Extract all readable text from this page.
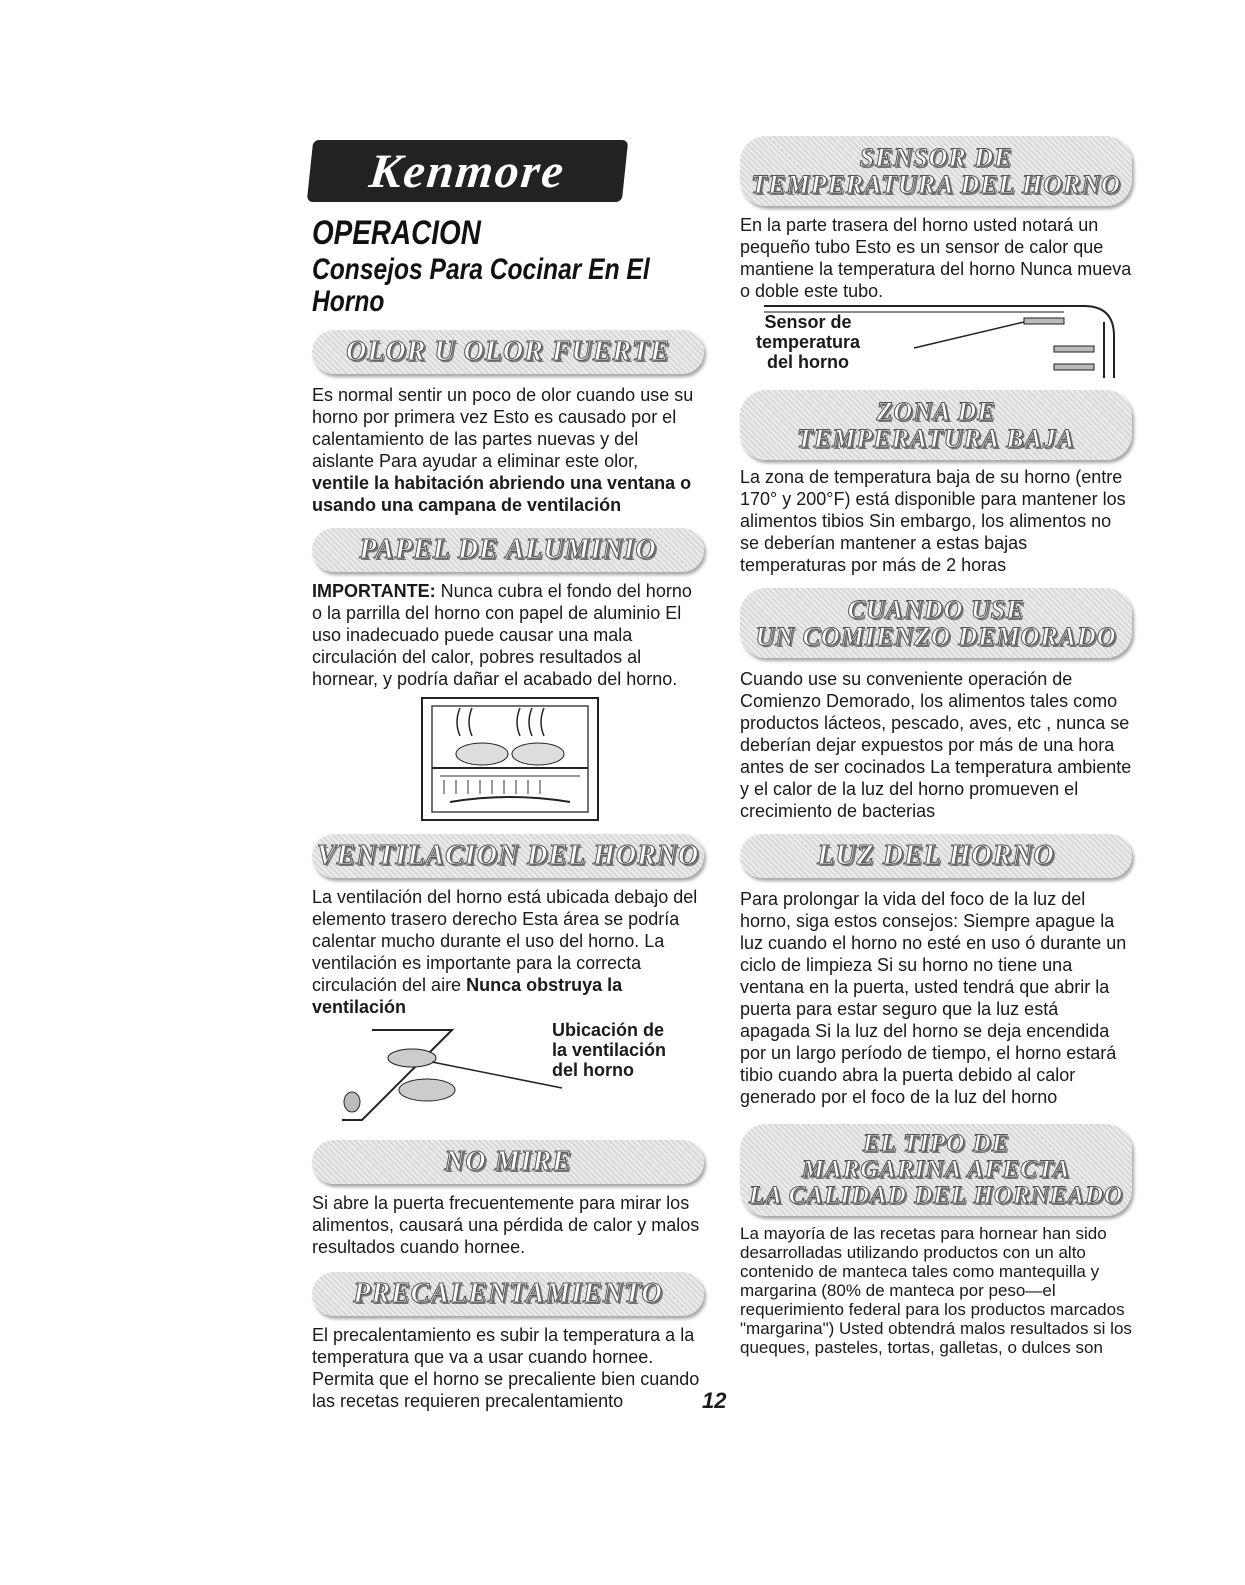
Kenmore
OPERACION
Consejos Para Cocinar En El Horno
OLOR U OLOR FUERTE

Es normal sentir un poco de olor cuando use su horno por primera vez Esto es causado por el calentamiento de las partes nuevas y del aislante Para ayudar a eliminar este olor,

ventile la habitación abriendo una ventana o usando una campana de ventilación

PAPEL DE ALUMINIO

IMPORTANTE: Nunca cubra el fondo del horno o la parrilla del horno con papel de aluminio El uso inadecuado puede causar una mala circulación del calor, pobres resultados al hornear, y podría dañar el acabado del horno.

VENTILACION DEL HORNO

La ventilación del horno está ubicada debajo del elemento trasero derecho Esta área se podría calentar mucho durante el uso del horno. La ventilación es importante para la correcta circulación del aire Nunca obstruya la ventilación

Ubicación de
la ventilación
del horno
NO MIRE

Si abre la puerta frecuentemente para mirar los alimentos, causará una pérdida de calor y malos resultados cuando hornee.

PRECALENTAMIENTO

El precalentamiento es subir la temperatura a la temperatura que va a usar cuando hornee. Permita que el horno se precaliente bien cuando las recetas requieren precalentamiento

SENSOR DE
TEMPERATURA DEL HORNO

En la parte trasera del horno usted notará un pequeño tubo Esto es un sensor de calor que mantiene la temperatura del horno Nunca mueva o doble este tubo.

Sensor de
temperatura
del horno
ZONA DE
TEMPERATURA BAJA

La zona de temperatura baja de su horno (entre 170° y 200°F) está disponible para mantener los alimentos tibios Sin embargo, los alimentos no se deberían mantener a estas bajas temperaturas por más de 2 horas

CUANDO USE
UN COMIENZO DEMORADO

Cuando use su conveniente operación de Comienzo Demorado, los alimentos tales como productos lácteos, pescado, aves, etc , nunca se deberían dejar expuestos por más de una hora antes de ser cocinados La temperatura ambiente y el calor de la luz del horno promueven el crecimiento de bacterias

LUZ DEL HORNO

Para prolongar la vida del foco de la luz del horno, siga estos consejos: Siempre apague la luz cuando el horno no esté en uso ó durante un ciclo de limpieza Si su horno no tiene una ventana en la puerta, usted tendrá que abrir la puerta para estar seguro que la luz está apagada Si la luz del horno se deja encendida por un largo período de tiempo, el horno estará tibio cuando abra la puerta debido al calor generado por el foco de la luz del horno

EL TIPO DE
MARGARINA AFECTA
LA CALIDAD DEL HORNEADO

La mayoría de las recetas para hornear han sido desarrolladas utilizando productos con un alto contenido de manteca tales como mantequilla y margarina (80% de manteca por peso—el requerimiento federal para los productos marcados "margarina") Usted obtendrá malos resultados si los queques, pasteles, tortas, galletas, o dulces son

12
